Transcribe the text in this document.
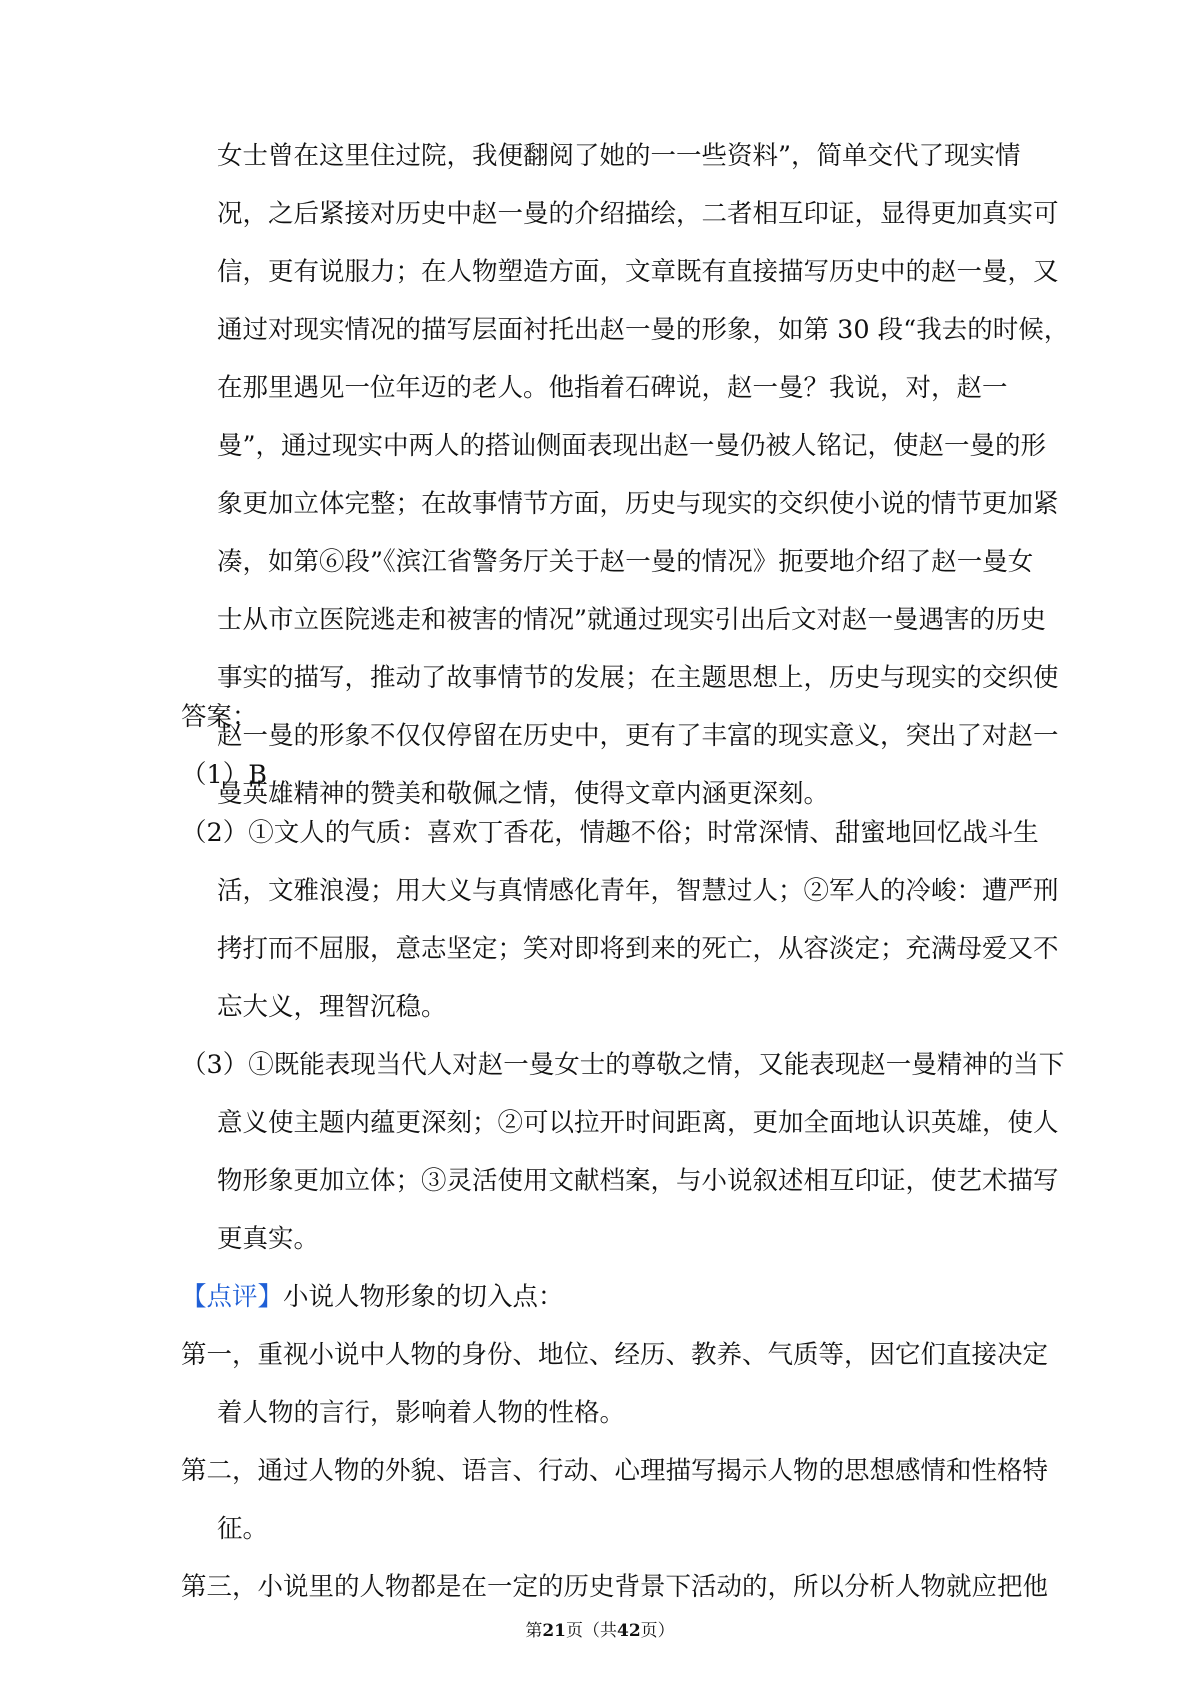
女士曾在这里住过院，我便翻阅了她的一一些资料”，简单交代了现实情
况，之后紧接对历史中赵一曼的介绍描绘，二者相互印证，显得更加真实可
信，更有说服力；在人物塑造方面，文章既有直接描写历史中的赵一曼，又
通过对现实情况的描写层面衬托出赵一曼的形象，如第 30 段“我去的时候，
在那里遇见一位年迈的老人。他指着石碑说，赵一曼？我说，对，赵一
曼”，通过现实中两人的搭讪侧面表现出赵一曼仍被人铭记，使赵一曼的形
象更加立体完整；在故事情节方面，历史与现实的交织使小说的情节更加紧
凑，如第⑥段”《滨江省警务厅关于赵一曼的情况》扼要地介绍了赵一曼女
士从市立医院逃走和被害的情况”就通过现实引出后文对赵一曼遇害的历史
事实的描写，推动了故事情节的发展；在主题思想上，历史与现实的交织使
赵一曼的形象不仅仅停留在历史中，更有了丰富的现实意义，突出了对赵一
曼英雄精神的赞美和敬佩之情，使得文章内涵更深刻。
答案：
（1）B
（2）①文人的气质：喜欢丁香花，情趣不俗；时常深情、甜蜜地回忆战斗生
活，文雅浪漫；用大义与真情感化青年，智慧过人；②军人的冷峻：遭严刑
拷打而不屈服，意志坚定；笑对即将到来的死亡，从容淡定；充满母爱又不
忘大义，理智沉稳。
（3）①既能表现当代人对赵一曼女士的尊敬之情，又能表现赵一曼精神的当下
意义使主题内蕴更深刻；②可以拉开时间距离，更加全面地认识英雄，使人
物形象更加立体；③灵活使用文献档案，与小说叙述相互印证，使艺术描写
更真实。
【点评】小说人物形象的切入点：
第一，重视小说中人物的身份、地位、经历、教养、气质等，因它们直接决定
着人物的言行，影响着人物的性格。
第二，通过人物的外貌、语言、行动、心理描写揭示人物的思想感情和性格特
征。
第三，小说里的人物都是在一定的历史背景下活动的，所以分析人物就应把他
第21页（共42页）
